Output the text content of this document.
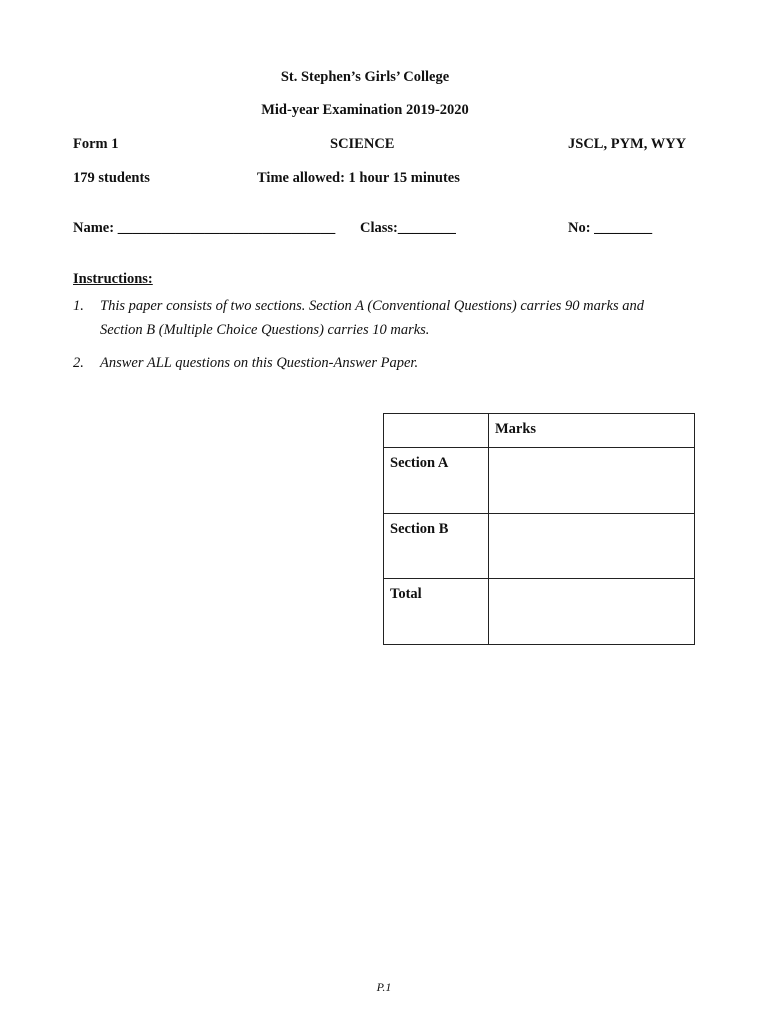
St. Stephen’s Girls’ College
Mid-year Examination 2019-2020
Form 1	SCIENCE	JSCL, PYM, WYY
179 students	Time allowed: 1 hour 15 minutes
Name: ______________________________ Class:________	No: ________
Instructions:
1. This paper consists of two sections. Section A (Conventional Questions) carries 90 marks and
Section B (Multiple Choice Questions) carries 10 marks.
2. Answer ALL questions on this Question-Answer Paper.
	Marks
Section A	
Section B	
Total	
P.1
